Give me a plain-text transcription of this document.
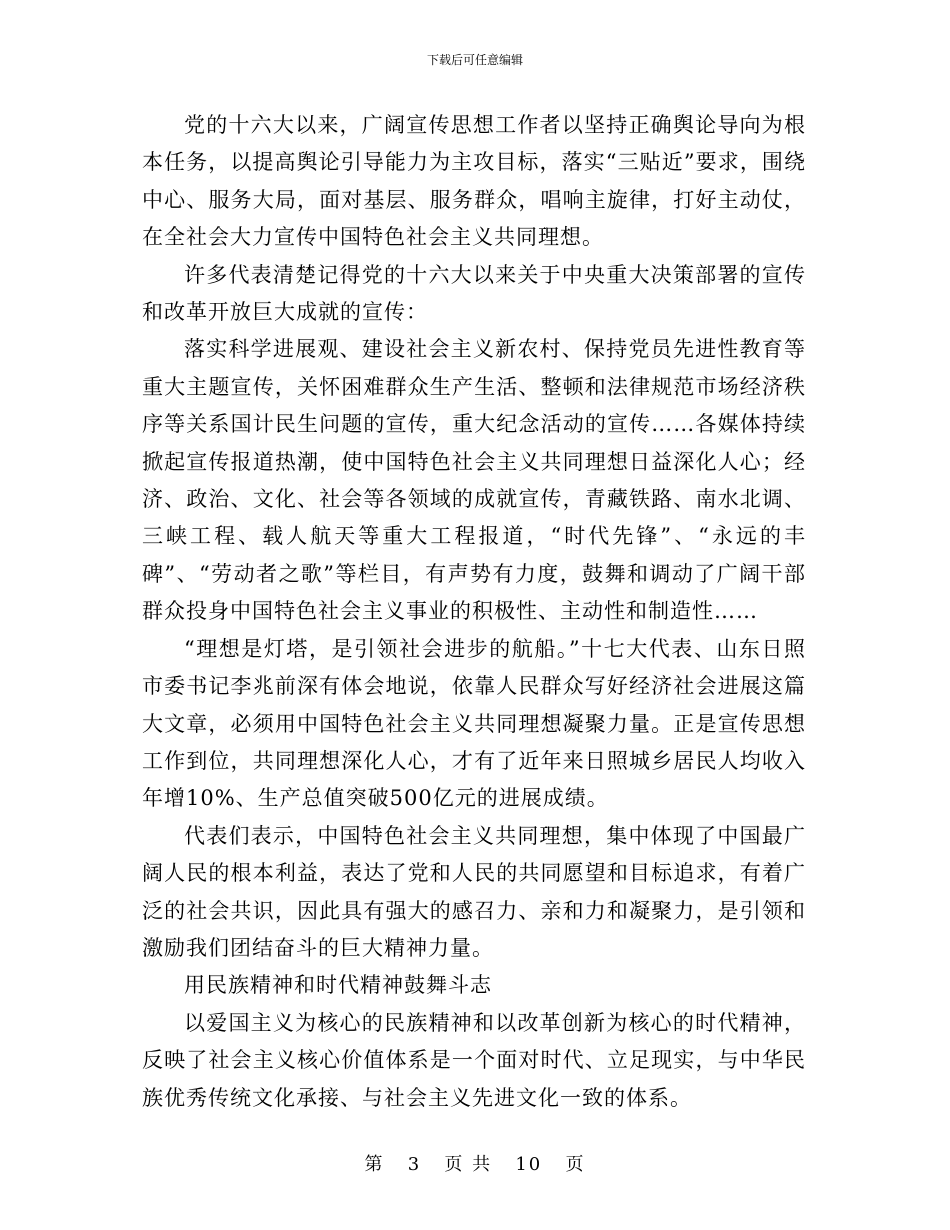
下载后可任意编辑

党的十六大以来，广阔宣传思想工作者以坚持正确舆论导向为根本任务，以提高舆论引导能力为主攻目标，落实“三贴近”要求，围绕中心、服务大局，面对基层、服务群众，唱响主旋律，打好主动仗，在全社会大力宣传中国特色社会主义共同理想。

许多代表清楚记得党的十六大以来关于中央重大决策部署的宣传和改革开放巨大成就的宣传：

落实科学进展观、建设社会主义新农村、保持党员先进性教育等重大主题宣传，关怀困难群众生产生活、整顿和法律规范市场经济秩序等关系国计民生问题的宣传，重大纪念活动的宣传……各媒体持续掀起宣传报道热潮，使中国特色社会主义共同理想日益深化人心；经济、政治、文化、社会等各领域的成就宣传，青藏铁路、南水北调、三峡工程、载人航天等重大工程报道，“时代先锋”、“永远的丰碑”、“劳动者之歌”等栏目，有声势有力度，鼓舞和调动了广阔干部群众投身中国特色社会主义事业的积极性、主动性和制造性……

“理想是灯塔，是引领社会进步的航船。”十七大代表、山东日照市委书记李兆前深有体会地说，依靠人民群众写好经济社会进展这篇大文章，必须用中国特色社会主义共同理想凝聚力量。正是宣传思想工作到位，共同理想深化人心，才有了近年来日照城乡居民人均收入年增10%、生产总值突破500亿元的进展成绩。

代表们表示，中国特色社会主义共同理想，集中体现了中国最广阔人民的根本利益，表达了党和人民的共同愿望和目标追求，有着广泛的社会共识，因此具有强大的感召力、亲和力和凝聚力，是引领和激励我们团结奋斗的巨大精神力量。

用民族精神和时代精神鼓舞斗志

以爱国主义为核心的民族精神和以改革创新为核心的时代精神，反映了社会主义核心价值体系是一个面对时代、立足现实，与中华民族优秀传统文化承接、与社会主义先进文化一致的体系。

第 3 页 共 10 页
